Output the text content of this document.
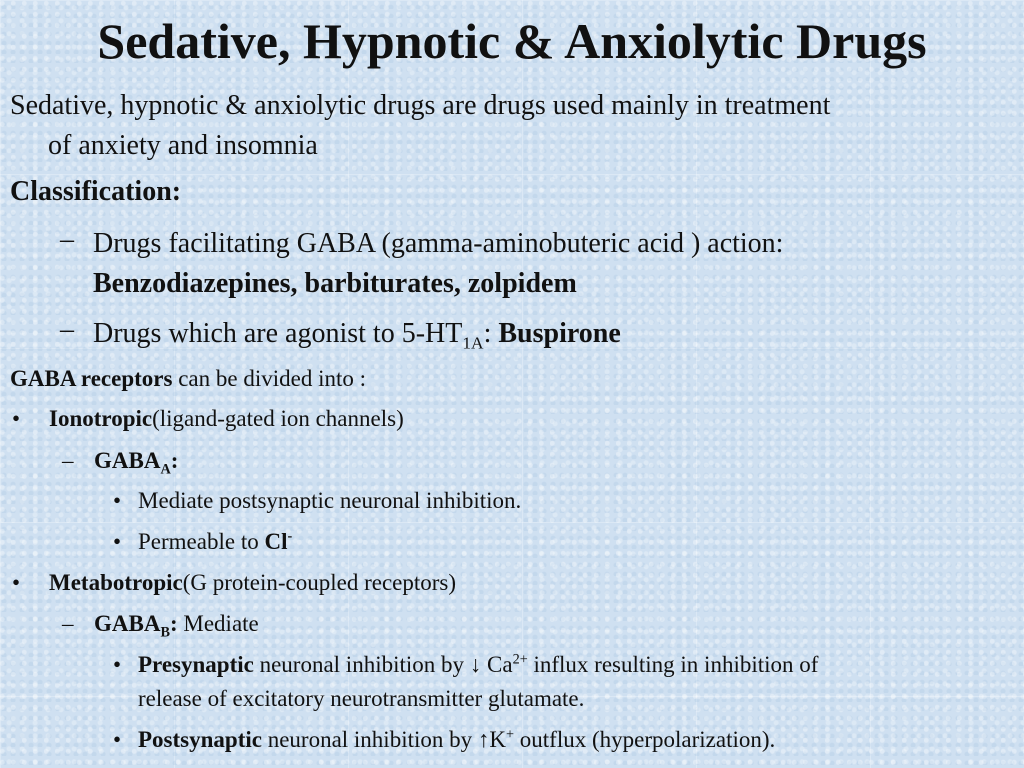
Sedative, Hypnotic & Anxiolytic Drugs
Sedative, hypnotic & anxiolytic drugs are drugs used mainly in treatment
of anxiety and insomnia
Classification:
– Drugs facilitating GABA (gamma-aminobuteric acid ) action:
Benzodiazepines, barbiturates, zolpidem
– Drugs which are agonist to $5-HT_{1A}$: Buspirone
GABA receptors can be divided into :
• Ionotropic(ligand-gated ion channels)
– $GABA_A$:
• Mediate postsynaptic neuronal inhibition.
• Permeable to Cl-
• Metabotropic(G protein-coupled receptors)
– $GABA_B$: Mediate
• Presynaptic neuronal inhibition by ↓ $Ca^{2+}$ influx resulting in inhibition of
release of excitatory neurotransmitter glutamate.
• Postsynaptic neuronal inhibition by ↑K+ outflux (hyperpolarization).
